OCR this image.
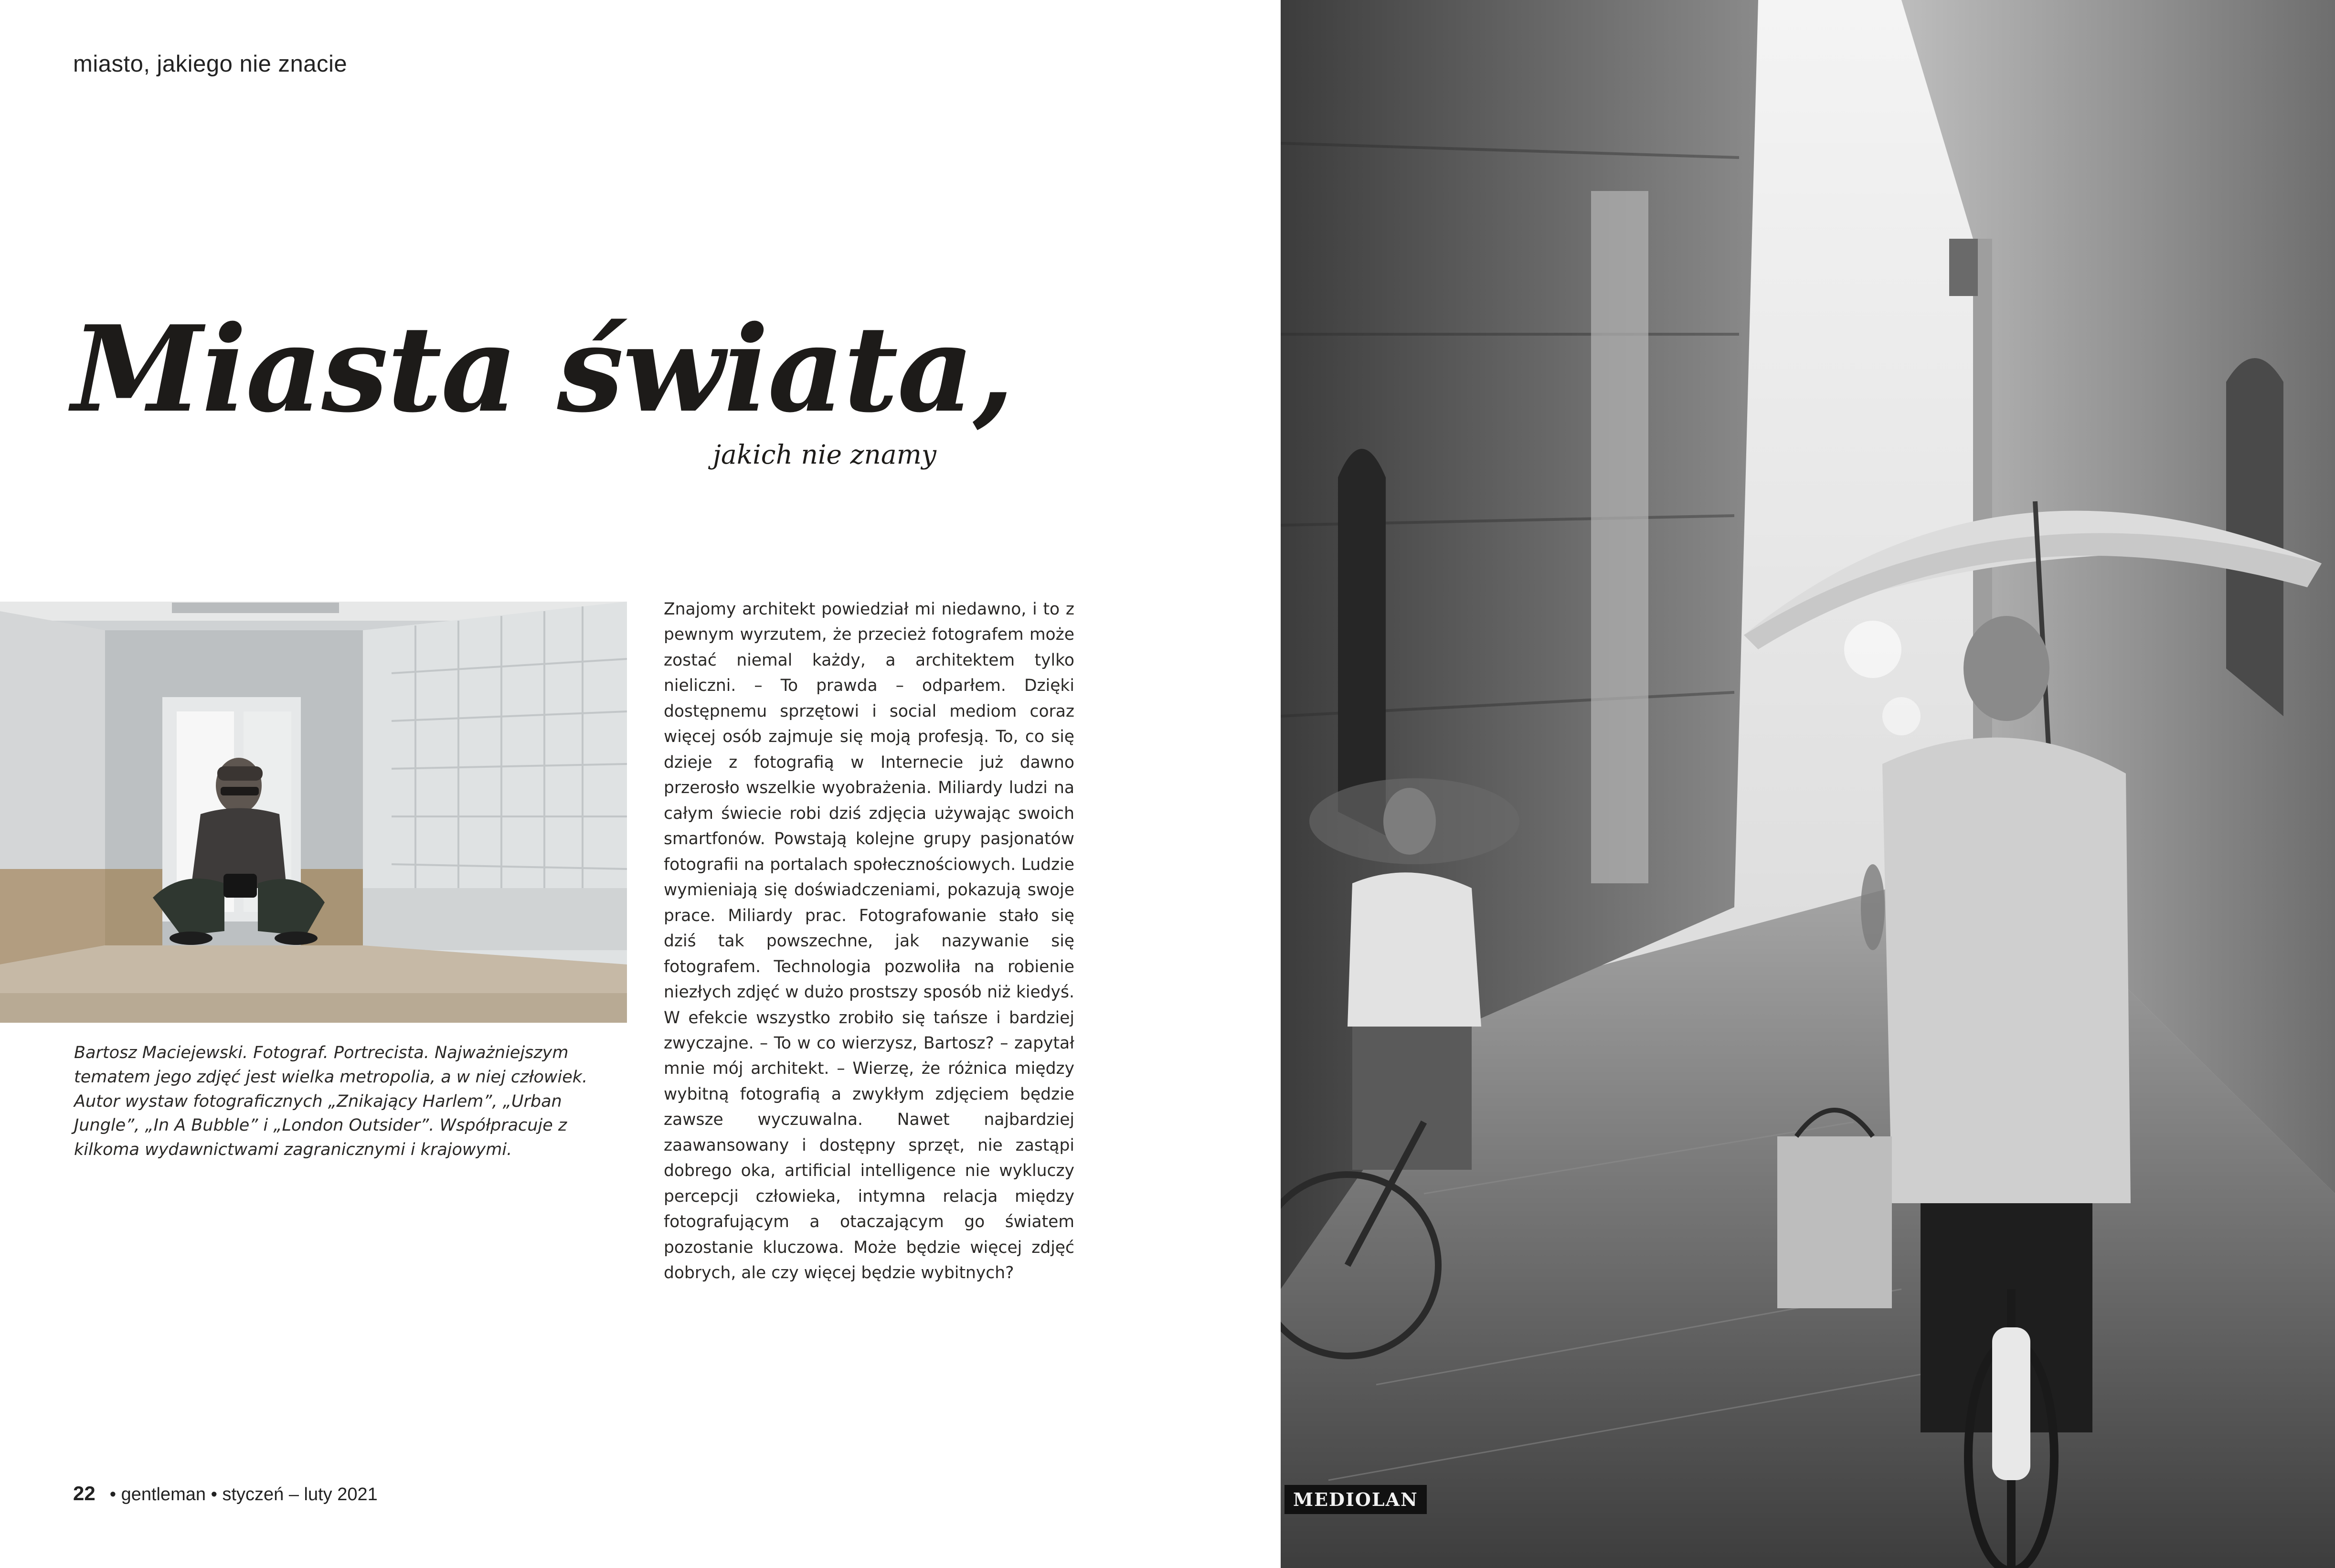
miasto, jakiego nie znacie
Miasta świata,
jakich nie znamy

Bartosz Maciejewski. Fotograf. Portrecista. Najważniejszym tematem jego zdjęć jest wielka metropolia, a w niej człowiek. Autor wystaw fotograficznych „Znikający Harlem”, „Urban Jungle”, „In A Bubble” i „London Outsider”. Współpracuje z kilkoma wydawnictwami zagranicznymi i krajowymi.

Znajomy architekt powiedział mi niedawno, i to z pewnym wyrzutem, że przecież fotografem może zostać niemal każdy, a architektem tylko nieliczni. – To prawda – odparłem. Dzięki dostępnemu sprzętowi i social mediom coraz więcej osób zajmuje się moją profesją. To, co się dzieje z fotografią w Internecie już dawno przerosło wszelkie wyobrażenia. Miliardy ludzi na całym świecie robi dziś zdjęcia używając swoich smartfonów. Powstają kolejne grupy pasjonatów fotografii na portalach społecznościowych. Ludzie wymieniają się doświadczeniami, pokazują swoje prace. Miliardy prac. Fotografowanie stało się dziś tak powszechne, jak nazywanie się fotografem. Technologia pozwoliła na robienie niezłych zdjęć w dużo prostszy sposób niż kiedyś. W efekcie wszystko zrobiło się tańsze i bardziej zwyczajne. – To w co wierzysz, Bartosz? – zapytał mnie mój architekt. – Wierzę, że różnica między wybitną fotografią a zwykłym zdjęciem będzie zawsze wyczuwalna. Nawet najbardziej zaawansowany i dostępny sprzęt, nie zastąpi dobrego oka, artificial intelligence nie wykluczy percepcji człowieka, intymna relacja między fotografującym a otaczającym go światem pozostanie kluczowa. Może będzie więcej zdjęć dobrych, ale czy więcej będzie wybitnych?

22 • gentleman • styczeń – luty 2021	MEDIOLAN
